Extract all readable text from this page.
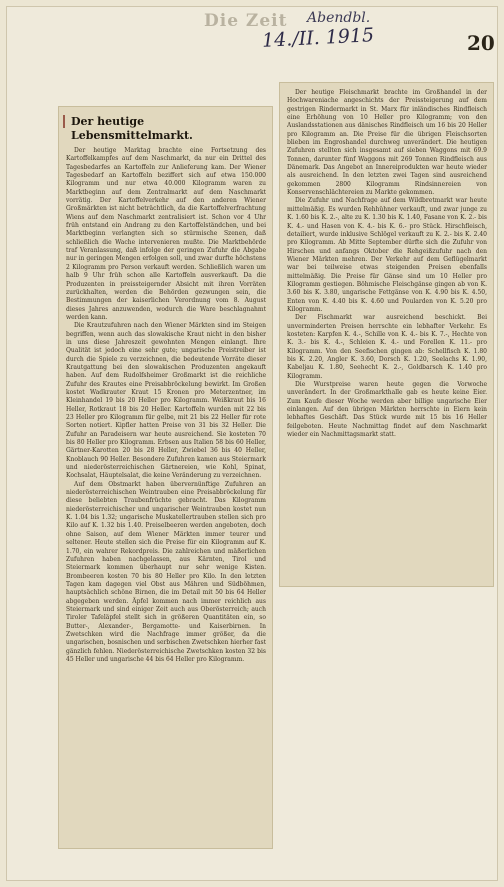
Die Zeit Abendbl.
14./II. 1915	20
Der heutige Lebensmittelmarkt.

Der heutige Marktag brachte eine Fortsetzung des Kartoffelkampfes auf dem Naschmarkt, da nur ein Drittel des Tagesbedarfes an Kartoffeln zur Anlieferung kam. Der Wiener Tagesbedarf an Kartoffeln beziffert sich auf etwa 150.000 Kilogramm und nur etwa 40.000 Kilogramm waren zu Marktbeginn auf dem Zentralmarkt auf dem Naschmarkt vorrätig. Der Kartoffelverkehr auf den anderen Wiener Großmärkten ist nicht beträchtlich, da die Kartoffelverfrachtung Wiens auf dem Naschmarkt zentralisiert ist. Schon vor 4 Uhr früh entstand ein Andrang zu den Kartoffelständchen, und bei Marktbeginn verlangten sich so stürmische Szenen, daß schließlich die Wache intervenieren mußte. Die Marktbehörde traf Veranlassung, daß infolge der geringen Zufuhr die Abgabe nur in geringen Mengen erfolgen soll, und zwar durfte höchstens 2 Kilogramm pro Person verkauft werden. Schließlich waren um halb 9 Uhr früh schon alle Kartoffeln ausverkauft. Da die Produzenten in preissteigernder Absicht mit ihren Vorräten zurückhalten, werden die Behörden gezwungen sein, die Bestimmungen der kaiserlichen Verordnung vom 8. August dieses Jahres anzuwenden, wodurch die Ware beschlagnahmt werden kann.

Die Krautzufuhren nach den Wiener Märkten sind im Steigen begriffen, wenn auch das slowakische Kraut nicht in den bisher in uns diese Jahreszeit gewohnten Mengen einlangt. Ihre Qualität ist jedoch eine sehr gute; ungarische Preistreiber ist durch die Spiele zu verzeichnen, die bedeutende Vorräte dieser Krautgattung bei den slowakischen Produzenten angekauft haben. Auf dem Rudolfsheimer Großmarkt ist die reichliche Zufuhr des Krautes eine Preisabbröckelung bewirkt. Im Großen kostet Wadkrauter Kraut 15 Kronen pro Meterzentner, im Kleinhandel 19 bis 20 Heller pro Kilogramm. Weißkraut bis 16 Heller, Rotkraut 18 bis 20 Heller. Kartoffeln wurden mit 22 bis 23 Heller pro Kilogramm für gelbe, mit 21 bis 22 Heller für rote Sorten notiert. Kipfler hatten Preise von 31 bis 32 Heller. Die Zufuhr an Paradeisern war heute ausreichend. Sie kosteten 70 bis 80 Heller pro Kilogramm. Erbsen aus Italien 58 bis 60 Heller, Gärtner-Karotten 20 bis 28 Heller, Zwiebel 36 bis 40 Heller, Knoblauch 90 Heller. Besondere Zufuhren kamen aus Steiermark und niederösterreichischen Gärtnereien, wie Kohl, Spinat, Kochsalat, Häuptelsalat, die keine Veränderung zu verzeichnen.

Auf dem Obstmarkt haben übervernünftige Zufuhren an niederösterreichischen Weintrauben eine Preisabbröckelung für diese beliebten Traubenfrüchte gebracht. Das Kilogramm niederösterreichischer und ungarischer Weintrauben kostet nun K. 1.04 bis 1.32; ungarische Muskatellertrauben stellen sich pro Kilo auf K. 1.32 bis 1.40. Preiselbeeren werden angeboten, doch ohne Saison, auf dem Wiener Märkten immer teurer und seltener. Heute stellen sich die Preise für ein Kilogramm auf K. 1.70, ein wahrer Rekordpreis. Die zahlreichen und mäßerlichen Zufuhren haben nachgelassen, aus Kärnten, Tirol und Steiermark kommen überhaupt nur sehr wenige Kisten. Brombeeren kosten 70 bis 80 Heller pro Kilo. In den letzten Tagen kam dagegen viel Obst aus Mähren und Südböhmen, hauptsächlich schöne Birnen, die im Detail mit 50 bis 64 Heller abgegeben werden. Äpfel kommen nach immer reichlich aus Steiermark und sind einiger Zeit auch aus Oberösterreich; auch Tiroler Tafeläpfel stellt sich in größeren Quantitäten ein, so Butter-, Alexander-, Bergamotte- und Kaiserbirnen. In Zwetschken wird die Nachfrage immer größer, da die ungarischen, bosnischen und serbischen Zwetschken hierher fast gänzlich fehlen. Niederösterreichische Zwetschken kosten 32 bis 45 Heller und ungarische 44 bis 64 Heller pro Kilogramm.

Der heutige Fleischmarkt brachte im Großhandel in der Hochwareniache angeschichts der Preissteigerung auf dem gestrigen Rindermarkt in St. Marx für inländisches Rindfleisch eine Erhöhung von 10 Heller pro Kilogramm; von den Auslandsstationen aus dänisches Rindfleisch um 16 bis 20 Heller pro Kilogramm an. Die Preise für die übrigen Fleischsorten blieben im Engroshandel durchweg unverändert. Die heutigen Zufuhren stellten sich insgesamt auf sieben Waggons mit 69.9 Tonnen, darunter fünf Waggons mit 269 Tonnen Rindfleisch aus Dänemark. Das Angebot an Innereiprodukten war heute wieder als ausreichend. In den letzten zwei Tagen sind ausreichend gekommen 2800 Kilogramm Rindsinnereien von Konservenschlächtereien zu Markte gekommen.

Die Zufuhr und Nachfrage auf dem Wildbretmarkt war heute mittelmäßig. Es wurden Rehhühner verkauft, und zwar junge zu K. 1.60 bis K. 2.-, alte zu K. 1.30 bis K. 1.40, Fasane von K. 2.- bis K. 4.- und Hasen von K. 4.- bis K. 6.- pro Stück. Hirschfleisch, detailiert, wurde inklusive Schlögel verkauft zu K. 2.- bis K. 2.40 pro Kilogramm. Ab Mitte September dürfte sich die Zufuhr von Hirschen und anfangs Oktober die Rehgeißzufuhr nach den Wiener Märkten mehren. Der Verkehr auf dem Geflügelmarkt war bei teilweise etwas steigenden Preisen ebenfalls mittelmäßig. Die Preise für Gänse sind um 10 Heller pro Kilogramm gestiegen. Böhmische Fleischgänse gingen ab von K. 3.60 bis K. 3.80, ungarische Fettgänse von K. 4.90 bis K. 4.50, Enten von K. 4.40 bis K. 4.60 und Poularden von K. 5.20 pro Kilogramm.

Der Fischmarkt war ausreichend beschickt. Bei unverminderten Preisen herrschte ein lebhafter Verkehr. Es kosteten: Karpfen K. 4.-, Schille von K. 4.- bis K. 7.-, Hechte von K. 3.- bis K. 4.-, Schleien K. 4.- und Forellen K. 11.- pro Kilogramm. Von den Seefischen gingen ab: Schellfisch K. 1.80 bis K. 2.20, Angler K. 3.60, Dorsch K. 1.20, Seelachs K. 1.90, Kabeljau K. 1.80, Seehecht K. 2.-, Goldbarsch K. 1.40 pro Kilogramm.

Die Wurstpreise waren heute gegen die Vorwoche unverändert. In der Großmarkthalle gab es heute keine Eier. Zum Kaufe dieser Woche werden aber billige ungarische Eier einlangen. Auf den übrigen Märkten herrschte in Eiern kein lebhaftes Geschäft. Das Stück wurde mit 15 bis 16 Heller feilgeboten. Heute Nachmittag findet auf dem Naschmarkt wieder ein Nachmittagsmarkt statt.
